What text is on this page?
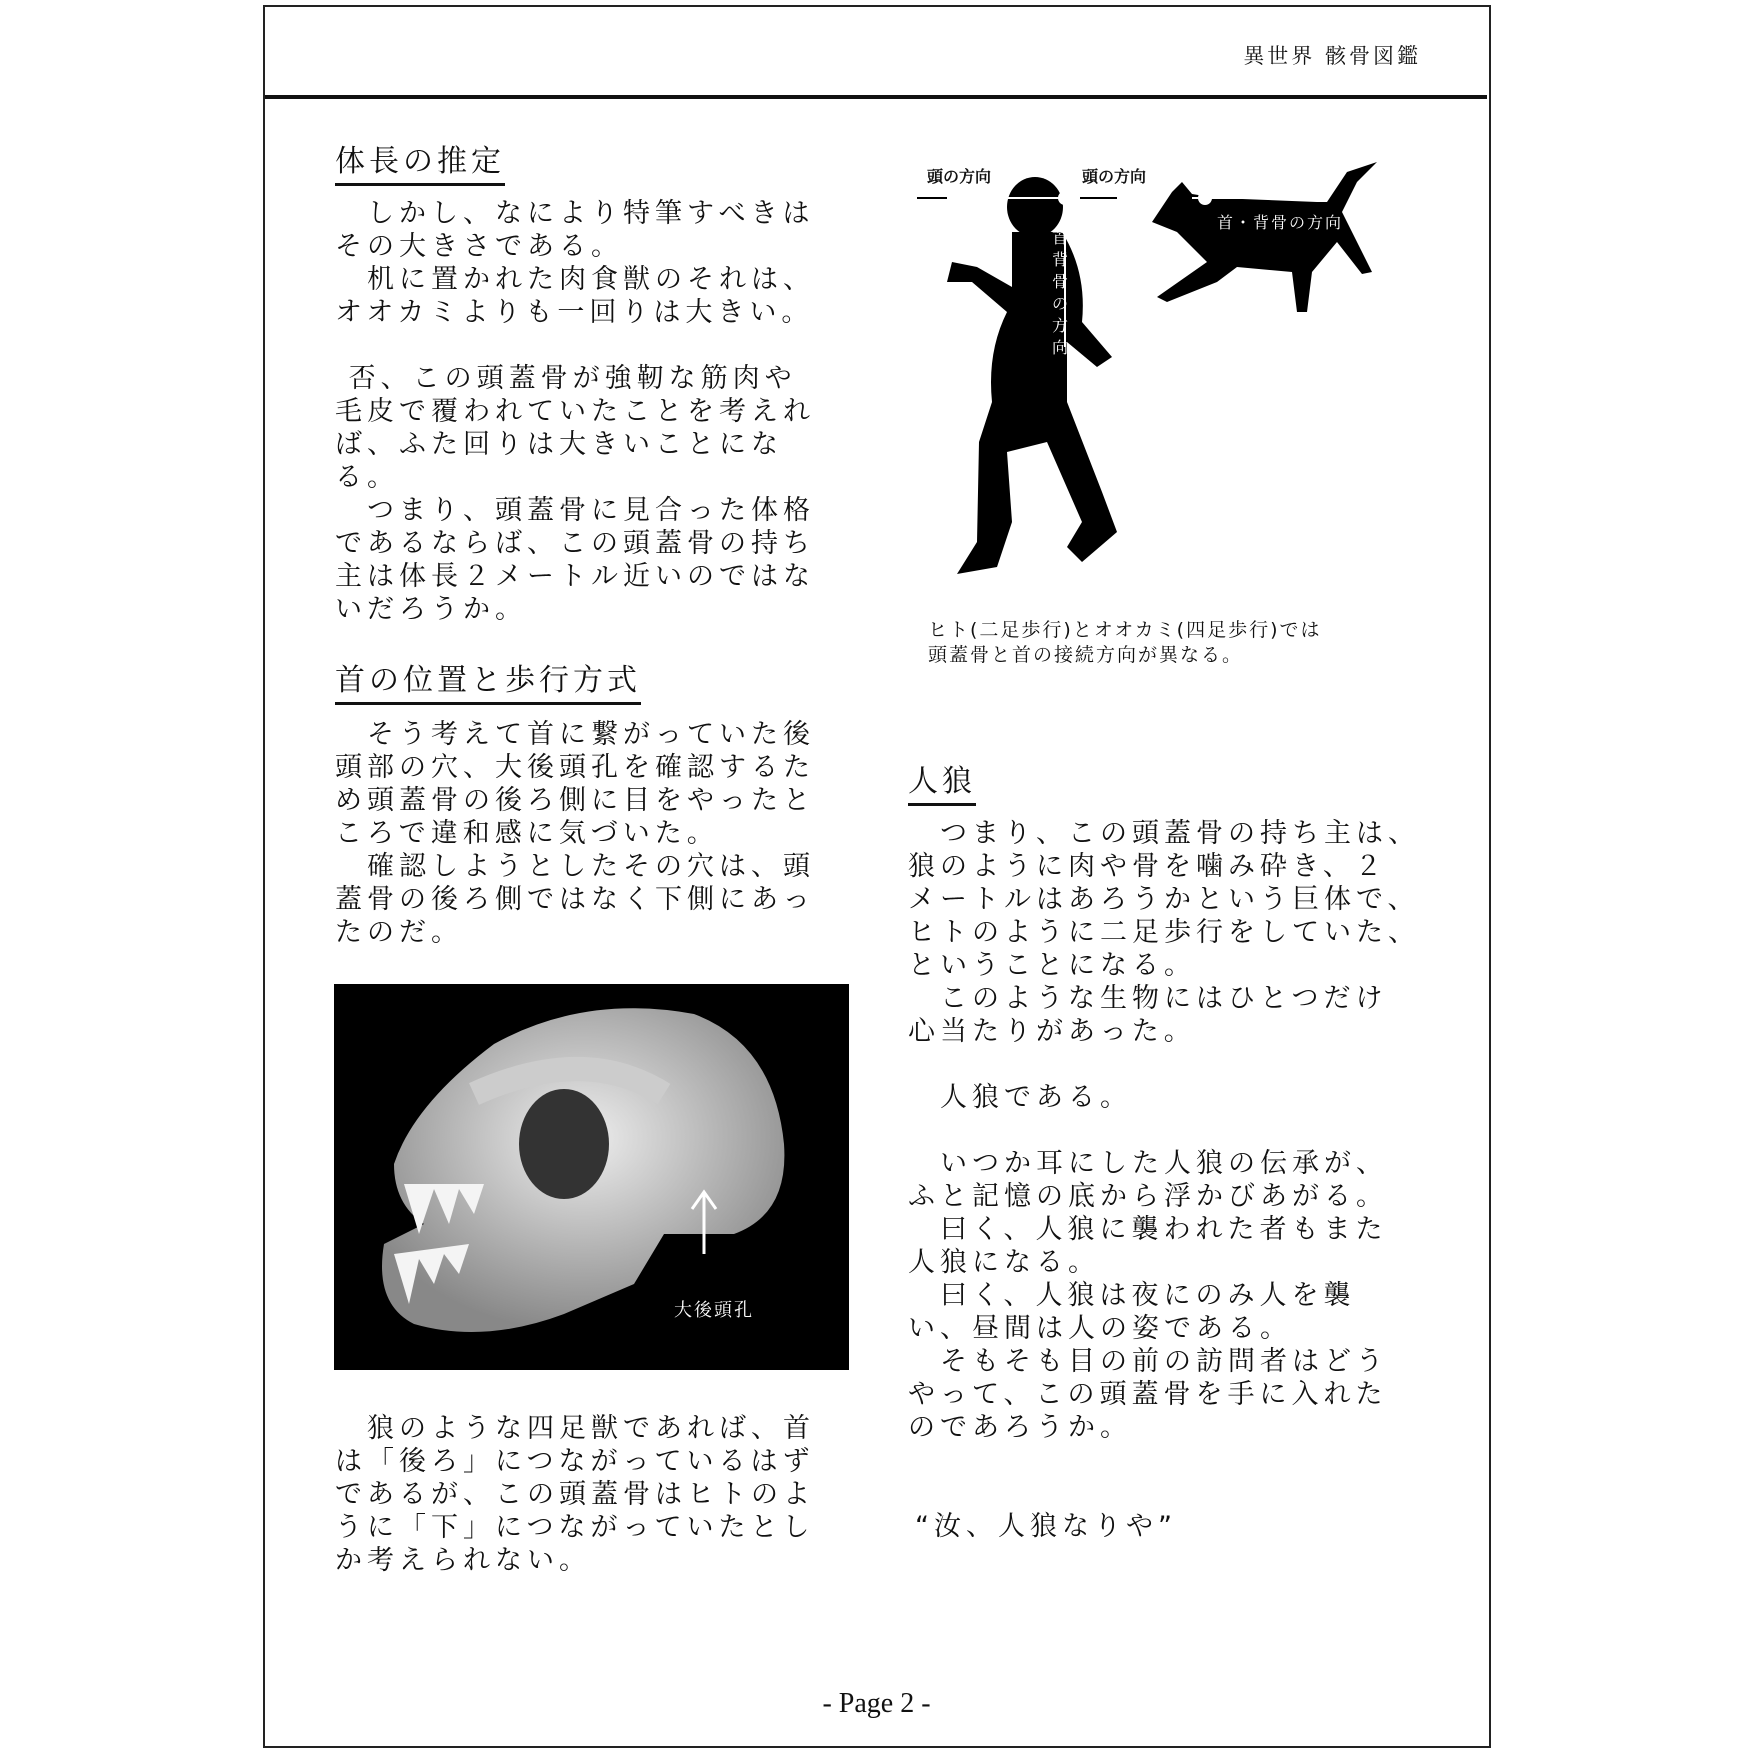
異世界 骸骨図鑑
体長の推定
　しかし、なにより特筆すべきは
その大きさである。
　机に置かれた肉食獣のそれは、
オオカミよりも一回りは大きい。
否、この頭蓋骨が強靭な筋肉や
毛皮で覆われていたことを考えれ
ば、ふた回りは大きいことにな
る。
　つまり、頭蓋骨に見合った体格
であるならば、この頭蓋骨の持ち
主は体長２メートル近いのではな
いだろうか。
首の位置と歩行方式
　そう考えて首に繋がっていた後
頭部の穴、大後頭孔を確認するた
め頭蓋骨の後ろ側に目をやったと
ころで違和感に気づいた。
　確認しようとしたその穴は、頭
蓋骨の後ろ側ではなく下側にあっ
たのだ。
大後頭孔
　狼のような四足獣であれば、首
は「後ろ」につながっているはず
であるが、この頭蓋骨はヒトのよ
うに「下」につながっていたとし
か考えられない。
頭の方向
首・背骨の方向
頭の方向
首・背骨の方向
ヒト(二足歩行)とオオカミ(四足歩行)では
頭蓋骨と首の接続方向が異なる。
人狼
　つまり、この頭蓋骨の持ち主は、
狼のように肉や骨を噛み砕き、２
メートルはあろうかという巨体で、
ヒトのように二足歩行をしていた、
ということになる。
　このような生物にはひとつだけ
心当たりがあった。
　人狼である。
　いつか耳にした人狼の伝承が、
ふと記憶の底から浮かびあがる。
　曰く、人狼に襲われた者もまた
人狼になる。
　曰く、人狼は夜にのみ人を襲
い、昼間は人の姿である。
　そもそも目の前の訪問者はどう
やって、この頭蓋骨を手に入れた
のであろうか。
“汝、人狼なりや”
- Page 2 -
